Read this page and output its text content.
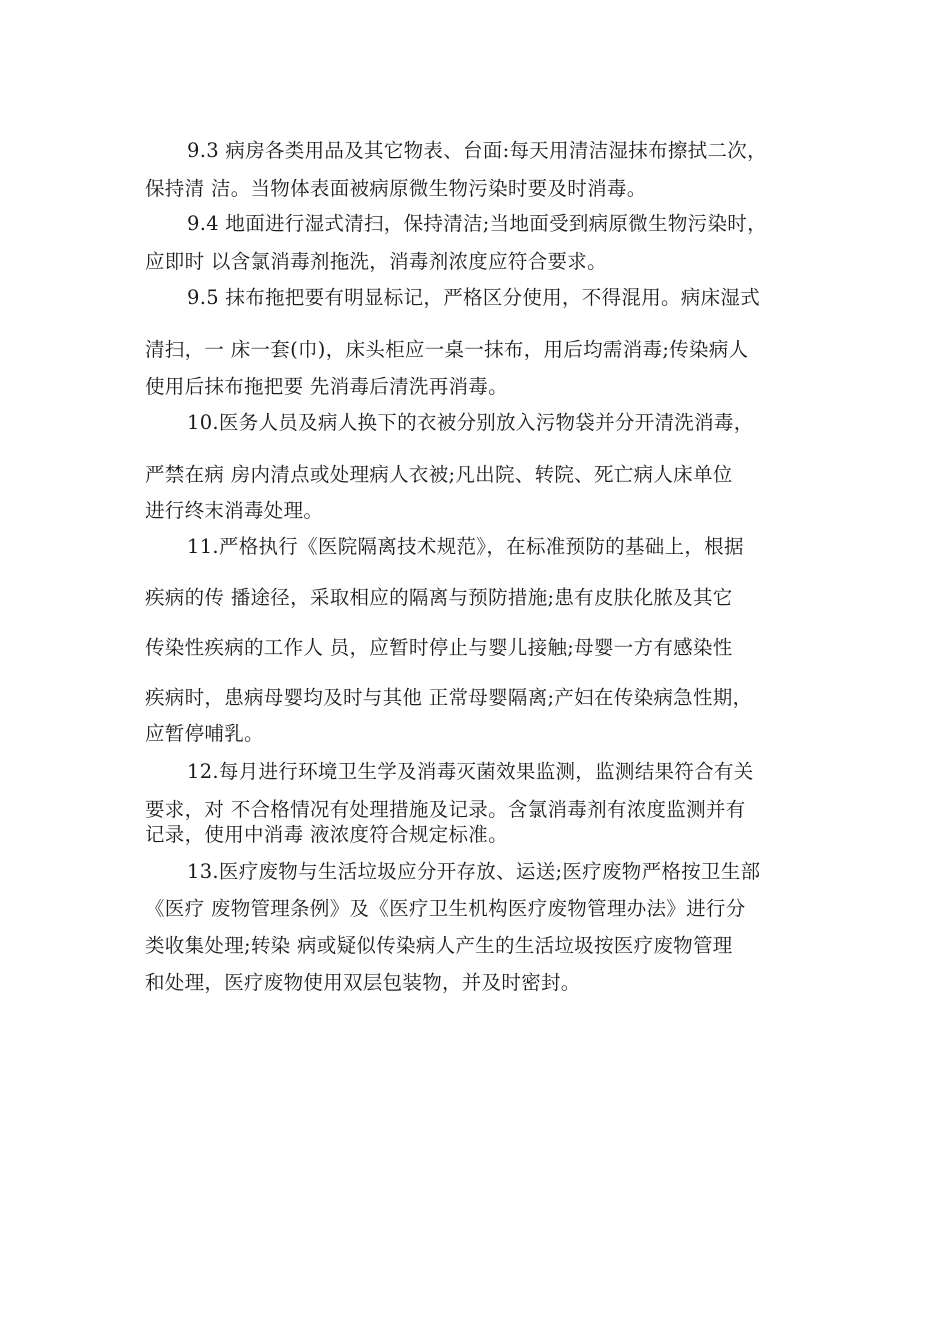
9.3 病房各类用品及其它物表、台面:每天用清洁湿抹布擦拭二次，
保持清 洁。当物体表面被病原微生物污染时要及时消毒。
9.4 地面进行湿式清扫，保持清洁;当地面受到病原微生物污染时，
应即时 以含氯消毒剂拖洗，消毒剂浓度应符合要求。
9.5 抹布拖把要有明显标记，严格区分使用，不得混用。病床湿式
清扫，一 床一套(巾)，床头柜应一桌一抹布，用后均需消毒;传染病人
使用后抹布拖把要 先消毒后清洗再消毒。
10.医务人员及病人换下的衣被分别放入污物袋并分开清洗消毒，
严禁在病 房内清点或处理病人衣被;凡出院、转院、死亡病人床单位
进行终末消毒处理。
11.严格执行《医院隔离技术规范》，在标准预防的基础上，根据
疾病的传 播途径，采取相应的隔离与预防措施;患有皮肤化脓及其它
传染性疾病的工作人 员，应暂时停止与婴儿接触;母婴一方有感染性
疾病时，患病母婴均及时与其他 正常母婴隔离;产妇在传染病急性期，
应暂停哺乳。
12.每月进行环境卫生学及消毒灭菌效果监测，监测结果符合有关
要求，对 不合格情况有处理措施及记录。含氯消毒剂有浓度监测并有
记录，使用中消毒 液浓度符合规定标准。
13.医疗废物与生活垃圾应分开存放、运送;医疗废物严格按卫生部
《医疗 废物管理条例》及《医疗卫生机构医疗废物管理办法》进行分
类收集处理;转染 病或疑似传染病人产生的生活垃圾按医疗废物管理
和处理，医疗废物使用双层包装物，并及时密封。
